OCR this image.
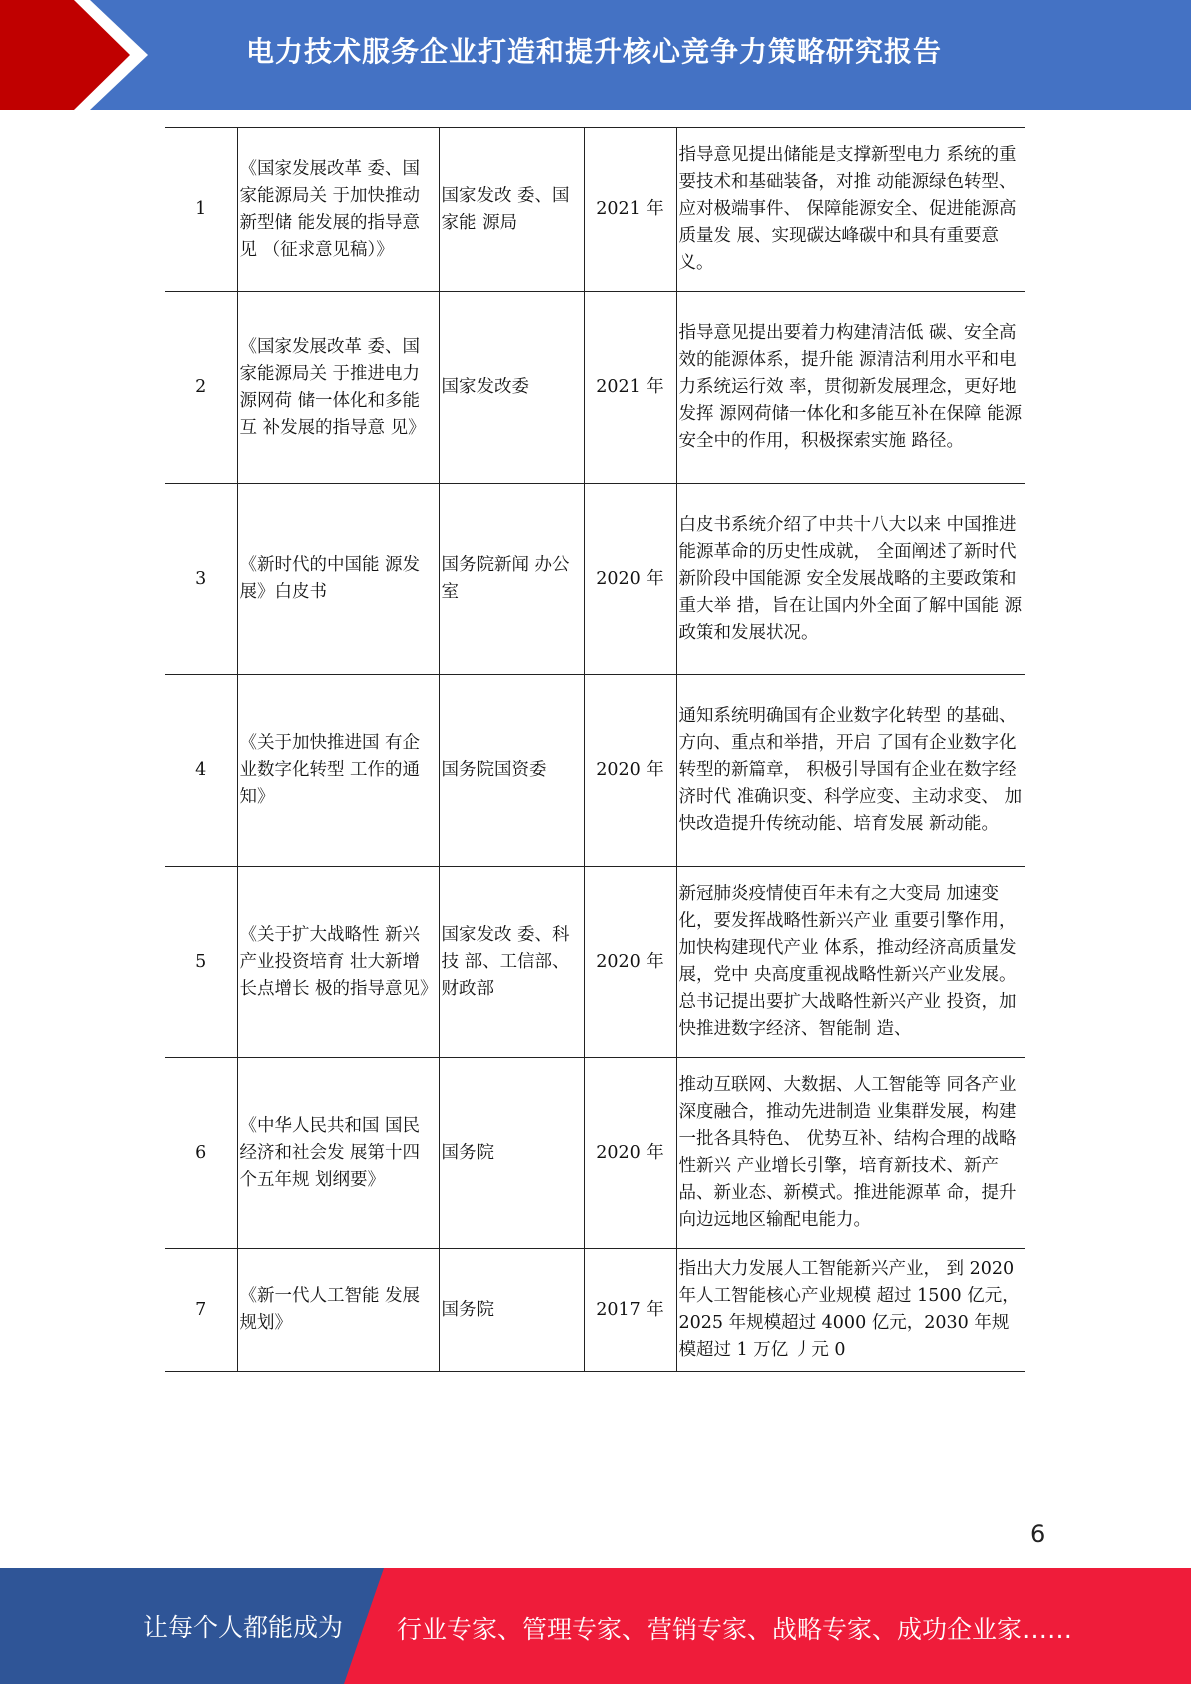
电力技术服务企业打造和提升核心竞争力策略研究报告
1	《国家发展改革 委、国家能源局关 于加快推动新型储 能发展的指导意见 （征求意见稿）》	国家发改 委、国家能 源局	2021 年	指导意见提出储能是支撑新型电力 系统的重要技术和基础装备，对推 动能源绿色转型、应对极端事件、 保障能源安全、促进能源高质量发 展、实现碳达峰碳中和具有重要意 义。
2	《国家发展改革 委、国家能源局关 于推进电力源网荷 储一体化和多能互 补发展的指导意 见》	国家发改委	2021 年	指导意见提出要着力构建清洁低 碳、安全高效的能源体系，提升能 源清洁利用水平和电力系统运行效 率，贯彻新发展理念，更好地发挥 源网荷储一体化和多能互补在保障 能源安全中的作用，积极探索实施 路径。
3	《新时代的中国能 源发展》白皮书	国务院新闻 办公室	2020 年	白皮书系统介绍了中共十八大以来 中国推进能源革命的历史性成就， 全面阐述了新时代新阶段中国能源 安全发展战略的主要政策和重大举 措，旨在让国内外全面了解中国能 源政策和发展状况。
4	《关于加快推进国 有企业数字化转型 工作的通知》	国务院国资委	2020 年	通知系统明确国有企业数字化转型 的基础、方向、重点和举措，开启 了国有企业数字化转型的新篇章， 积极引导国有企业在数字经济时代 准确识变、科学应变、主动求变、 加快改造提升传统动能、培育发展 新动能。
5	《关于扩大战略性 新兴产业投资培育 壮大新增长点增长 极的指导意见》	国家发改 委、科技 部、工信部、财政部	2020 年	新冠肺炎疫情使百年未有之大变局 加速变化，要发挥战略性新兴产业 重要引擎作用，加快构建现代产业 体系，推动经济高质量发展，党中 央高度重视战略性新兴产业发展。 总书记提出要扩大战略性新兴产业 投资，加快推进数字经济、智能制 造、
6	《中华人民共和国 国民经济和社会发 展第十四个五年规 划纲要》	国务院	2020 年	推动互联网、大数据、人工智能等 同各产业深度融合，推动先进制造 业集群发展，构建一批各具特色、 优势互补、结构合理的战略性新兴 产业增长引擎，培育新技术、新产 品、新业态、新模式。推进能源革 命，提升向边远地区输配电能力。
7	《新一代人工智能 发展规划》	国务院	2017 年	指出大力发展人工智能新兴产业， 到 2020 年人工智能核心产业规模 超过 1500 亿元，2025 年规模超过 4000 亿元，2030 年规模超过 1 万亿 丿元 0
6
让每个人都能成为 行业专家、管理专家、营销专家、战略专家、成功企业家……
